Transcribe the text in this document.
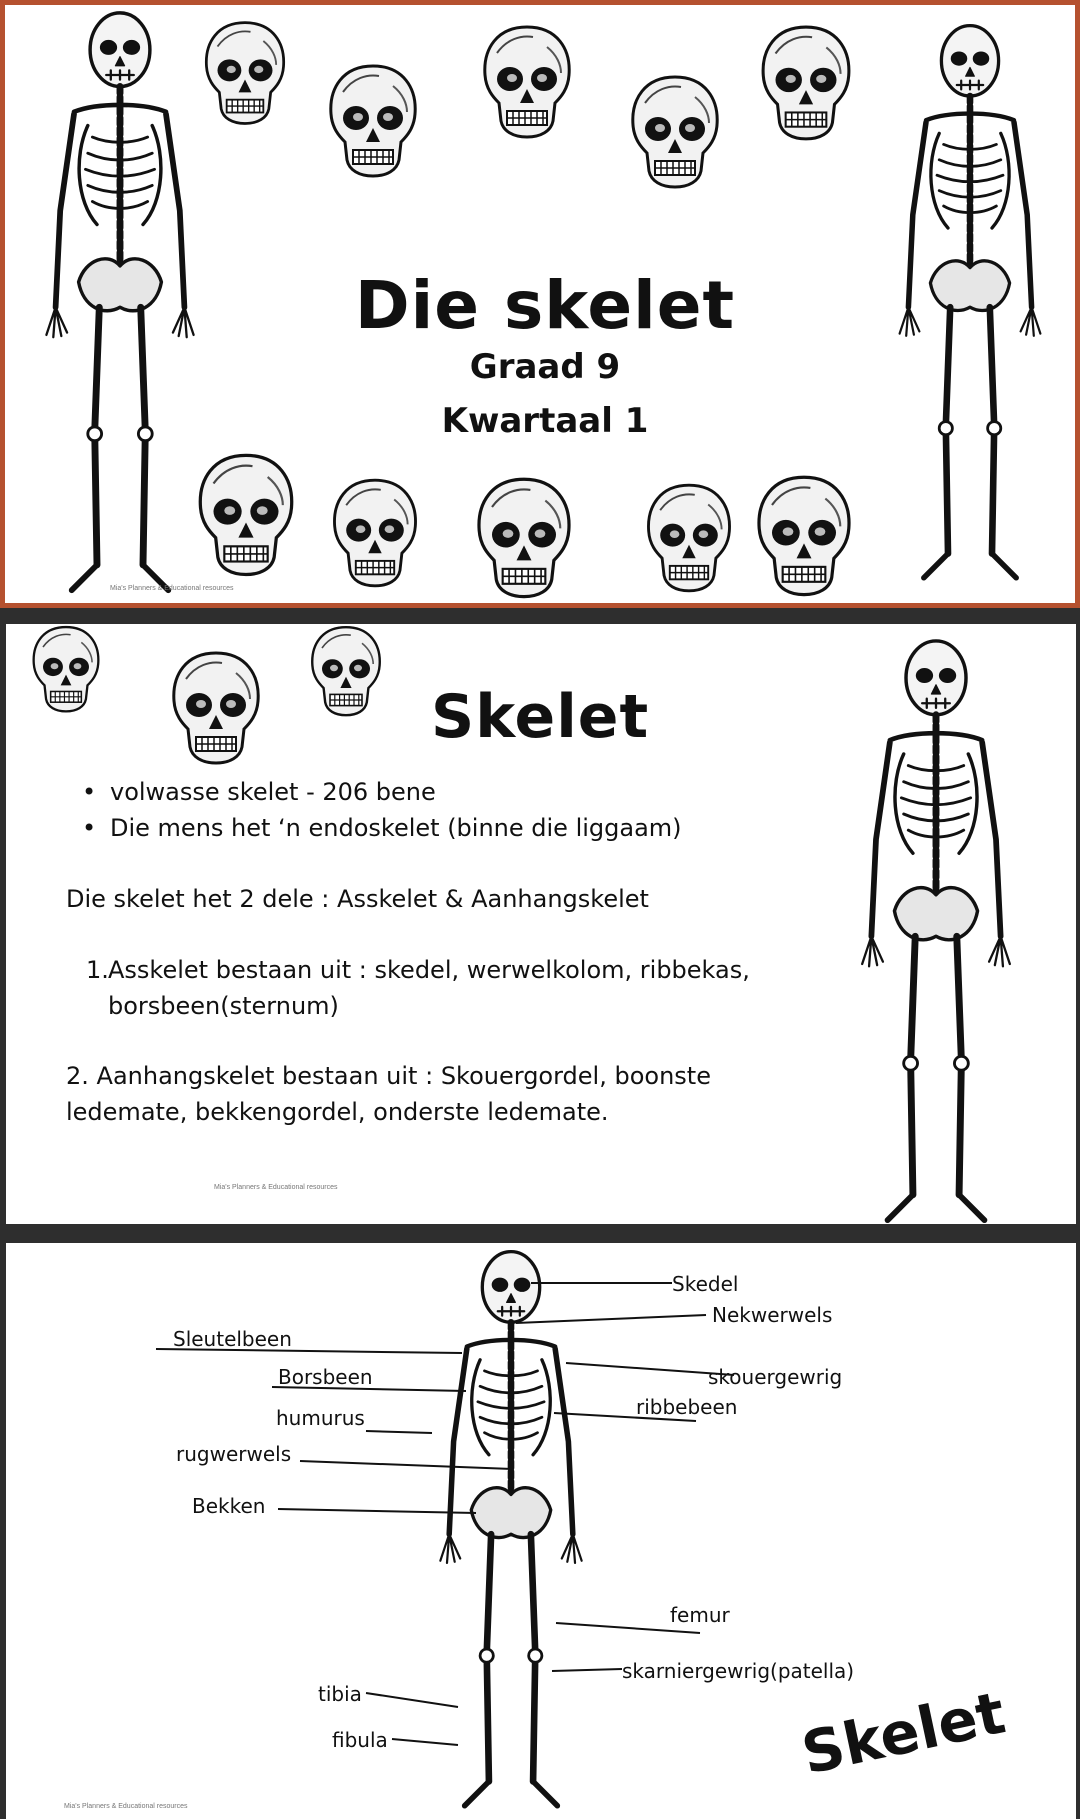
Die skelet
Graad 9
Kwartaal 1
Mia's Planners & Educational resources
Skelet
• volwasse skelet - 206 bene
• Die mens het ‘n endoskelet (binne die liggaam)
Die skelet het 2 dele : Asskelet & Aanhangskelet
1. Asskelet bestaan uit : skedel, werwelkolom, ribbekas,
borsbeen(sternum)
2. Aanhangskelet bestaan uit : Skouergordel, boonste
ledemate, bekkengordel, onderste ledemate.
Mia's Planners & Educational resources
Skedel
Nekwerwels
Sleutelbeen
Borsbeen	skouergewrig
ribbebeen
humurus
rugwerwels
Bekken
femur
skarniergewrig(patella)
tibia
fibula	Skelet
Mia's Planners & Educational resources
